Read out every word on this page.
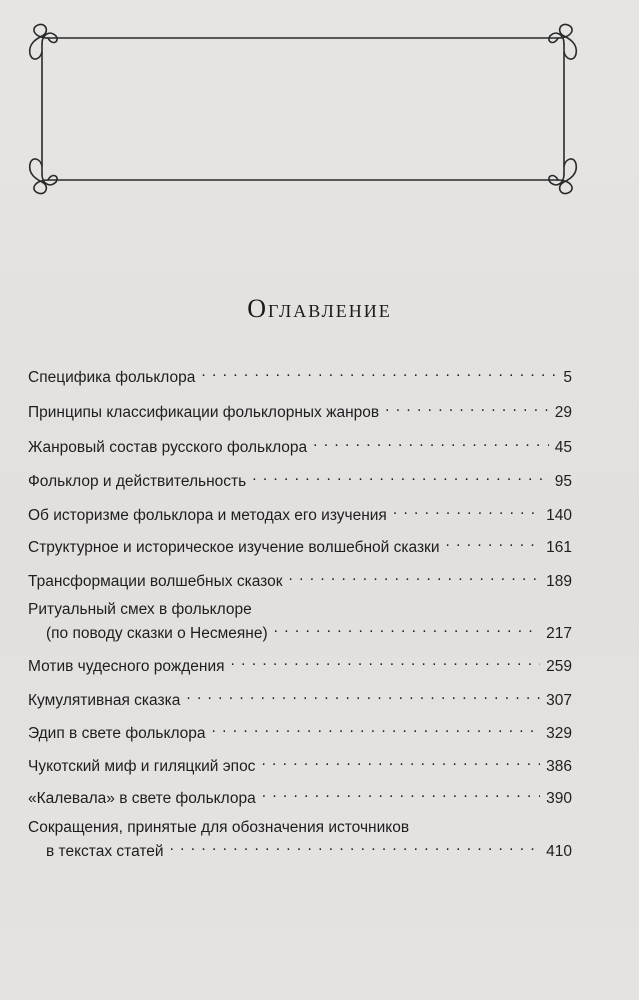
Оглавление
Специфика фольклора . . .	5
Принципы классификации фольклорных жанров . . .	29
Жанровый состав русского фольклора . . .	45
Фольклор и действительность . . .	95
Об историзме фольклора и методах его изучения . . .	140
Структурное и историческое изучение волшебной сказки . . .	161
Трансформации волшебных сказок . . .	189
Ритуальный смех в фольклоре
(по поводу сказки о Несмеяне) . . .	217
Мотив чудесного рождения . . .	259
Кумулятивная сказка . . .	307
Эдип в свете фольклора . . .	329
Чукотский миф и гиляцкий эпос . . .	386
«Калевала» в свете фольклора . . .	390
Сокращения, принятые для обозначения источников
в текстах статей . . .	410
